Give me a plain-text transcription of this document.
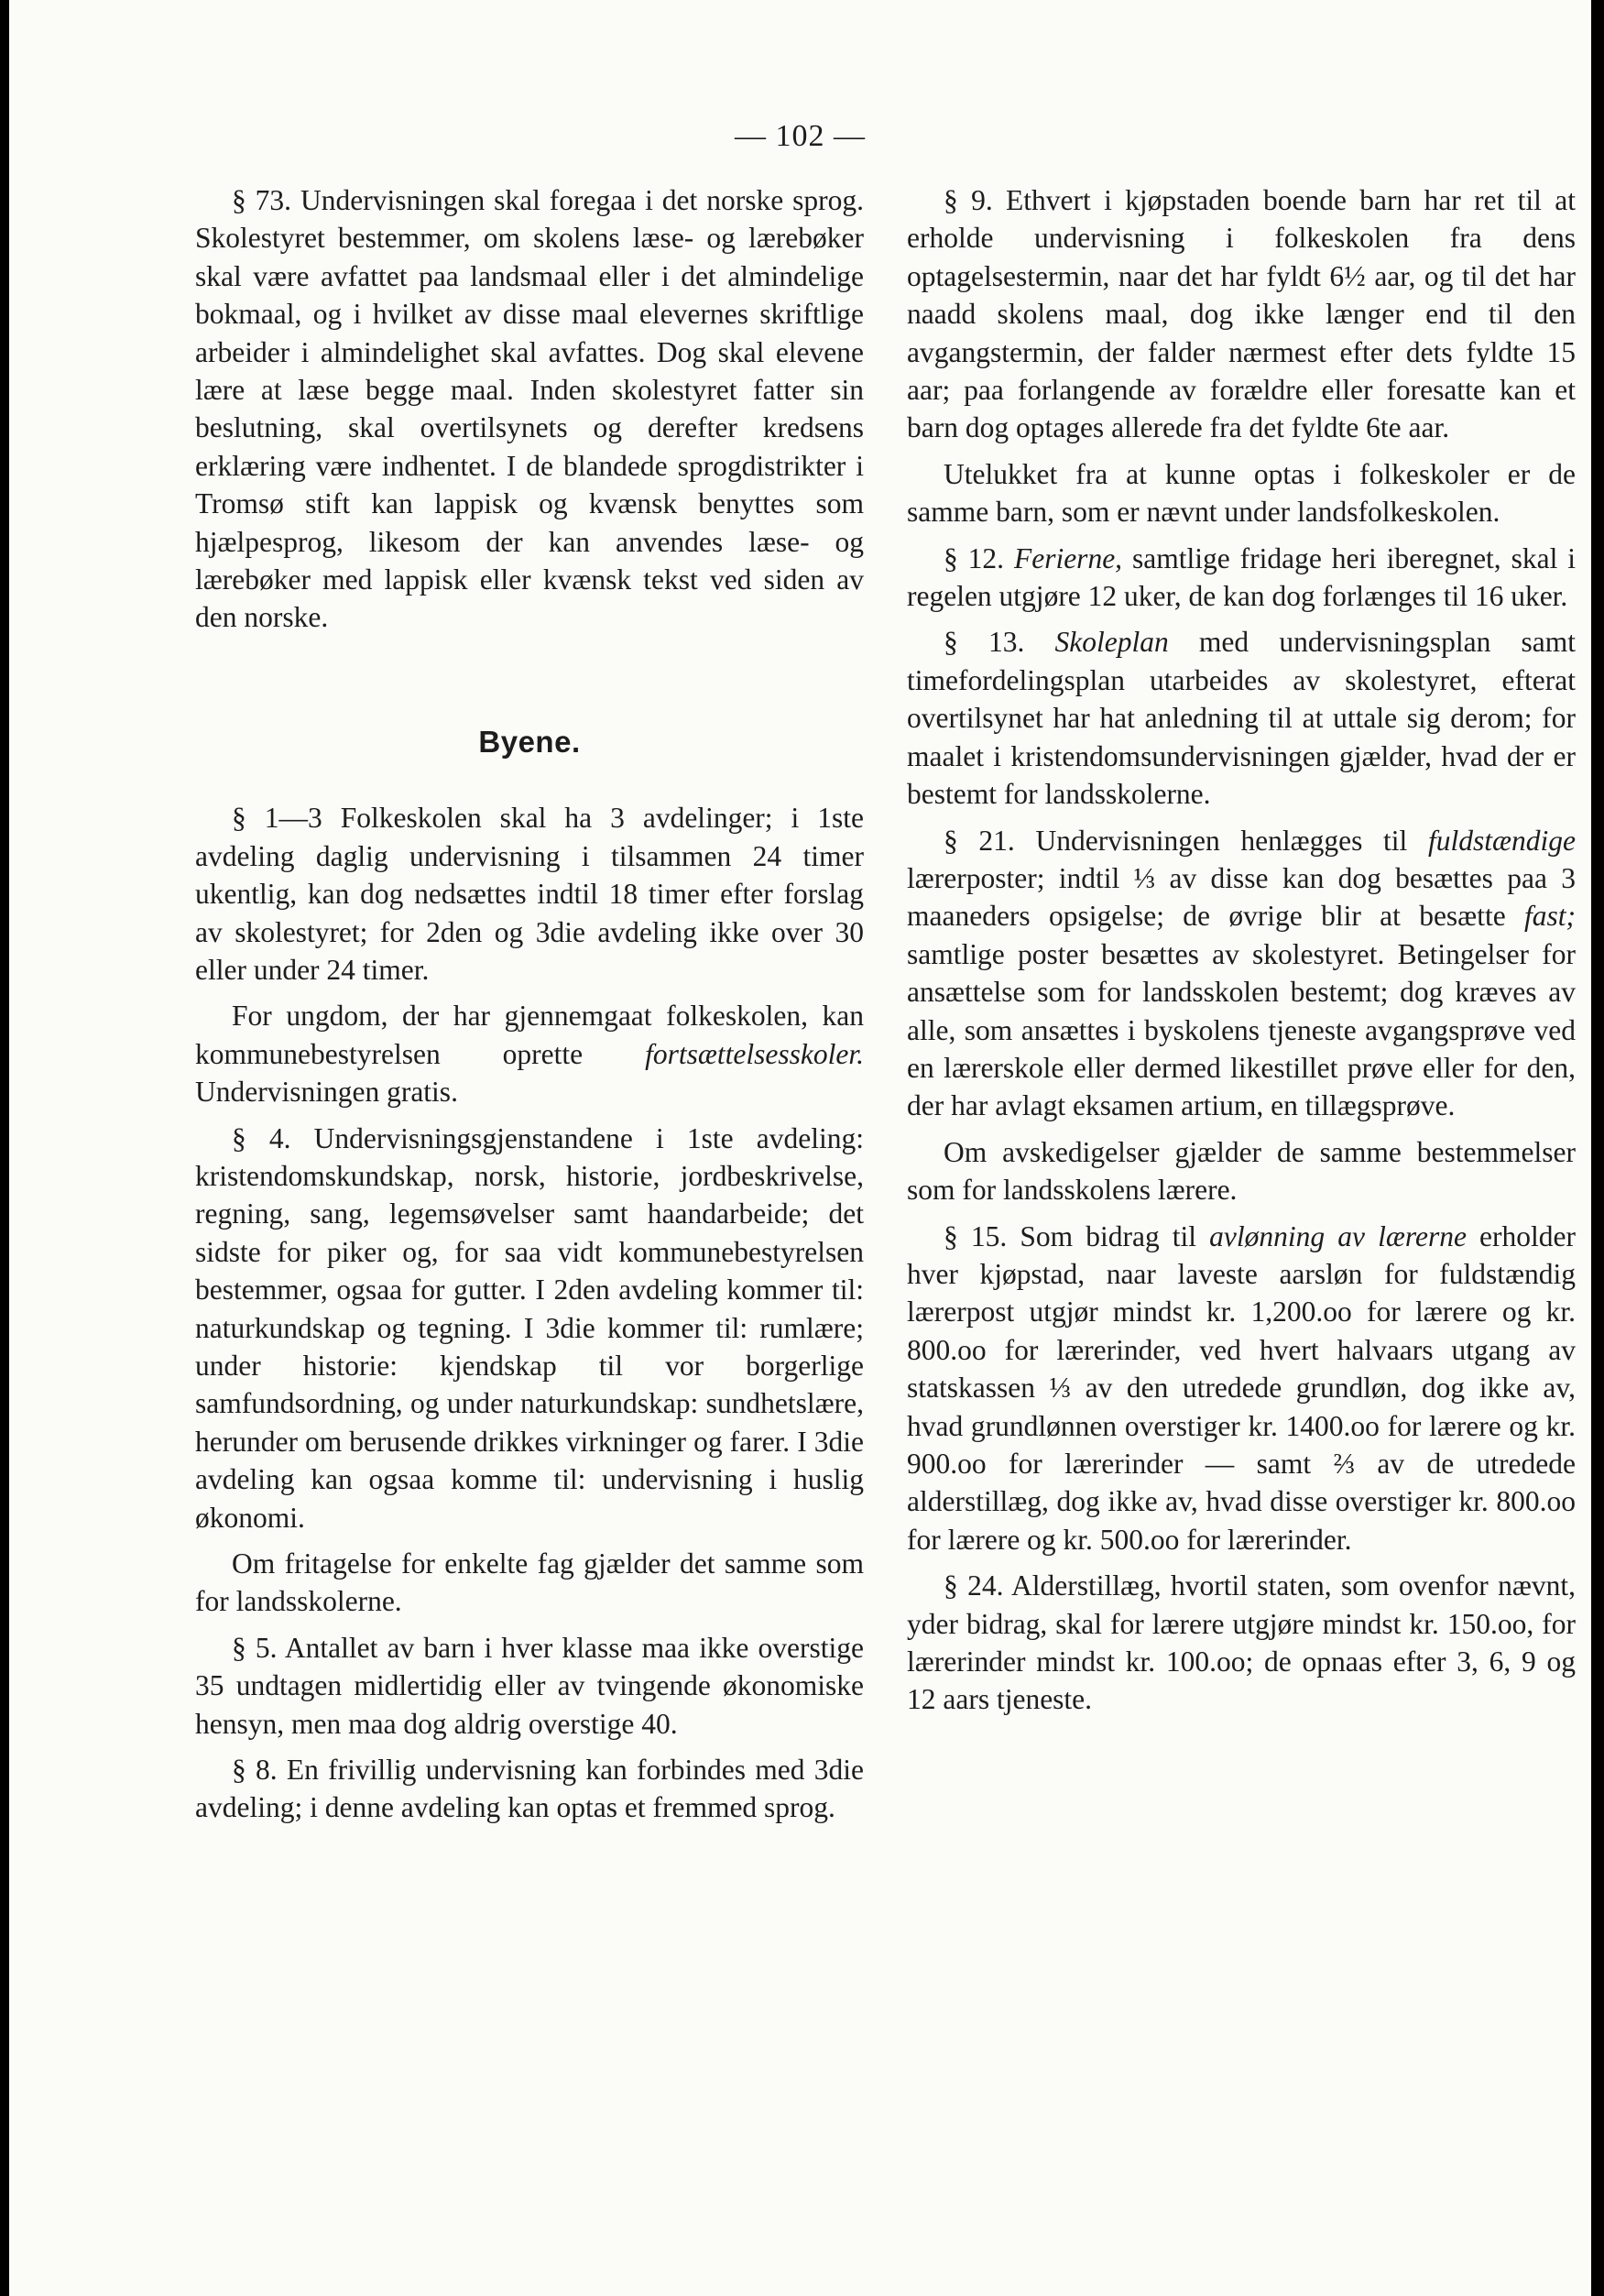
— 102 —

§ 73. Undervisningen skal foregaa i det norske sprog. Skolestyret bestemmer, om skolens læse- og lærebøker skal være avfattet paa landsmaal eller i det almindelige bokmaal, og i hvilket av disse maal elevernes skriftlige arbeider i almindelighet skal avfattes. Dog skal elevene lære at læse begge maal. Inden skolestyret fatter sin beslutning, skal overtilsynets og derefter kredsens erklæring være indhentet. I de blandede sprogdistrikter i Tromsø stift kan lappisk og kvænsk benyttes som hjælpesprog, likesom der kan anvendes læse- og lærebøker med lappisk eller kvænsk tekst ved siden av den norske.

Byene.

§ 1—3 Folkeskolen skal ha 3 avdelinger; i 1ste avdeling daglig undervisning i tilsammen 24 timer ukentlig, kan dog nedsættes indtil 18 timer efter forslag av skolestyret; for 2den og 3die avdeling ikke over 30 eller under 24 timer.

For ungdom, der har gjennemgaat folkeskolen, kan kommunebestyrelsen oprette fortsættelsesskoler. Undervisningen gratis.

§ 4. Undervisningsgjenstandene i 1ste avdeling: kristendomskundskap, norsk, historie, jordbeskrivelse, regning, sang, legemsøvelser samt haandarbeide; det sidste for piker og, for saa vidt kommunebestyrelsen bestemmer, ogsaa for gutter. I 2den avdeling kommer til: naturkundskap og tegning. I 3die kommer til: rumlære; under historie: kjendskap til vor borgerlige samfundsordning, og under naturkundskap: sundhetslære, herunder om berusende drikkes virkninger og farer. I 3die avdeling kan ogsaa komme til: undervisning i huslig økonomi.

Om fritagelse for enkelte fag gjælder det samme som for landsskolerne.

§ 5. Antallet av barn i hver klasse maa ikke overstige 35 undtagen midlertidig eller av tvingende økonomiske hensyn, men maa dog aldrig overstige 40.

§ 8. En frivillig undervisning kan forbindes med 3die avdeling; i denne avdeling kan optas et fremmed sprog.

§ 9. Ethvert i kjøpstaden boende barn har ret til at erholde undervisning i folkeskolen fra dens optagelsestermin, naar det har fyldt 6½ aar, og til det har naadd skolens maal, dog ikke længer end til den avgangstermin, der falder nærmest efter dets fyldte 15 aar; paa forlangende av forældre eller foresatte kan et barn dog optages allerede fra det fyldte 6te aar.

Utelukket fra at kunne optas i folkeskoler er de samme barn, som er nævnt under landsfolkeskolen.

§ 12. Ferierne, samtlige fridage heri iberegnet, skal i regelen utgjøre 12 uker, de kan dog forlænges til 16 uker.

§ 13. Skoleplan med undervisningsplan samt timefordelingsplan utarbeides av skolestyret, efterat overtilsynet har hat anledning til at uttale sig derom; for maalet i kristendomsundervisningen gjælder, hvad der er bestemt for landsskolerne.

§ 21. Undervisningen henlægges til fuldstændige lærerposter; indtil ⅓ av disse kan dog besættes paa 3 maaneders opsigelse; de øvrige blir at besætte fast; samtlige poster besættes av skolestyret. Betingelser for ansættelse som for landsskolen bestemt; dog kræves av alle, som ansættes i byskolens tjeneste avgangsprøve ved en lærerskole eller dermed likestillet prøve eller for den, der har avlagt eksamen artium, en tillægsprøve.

Om avskedigelser gjælder de samme bestemmelser som for landsskolens lærere.

§ 15. Som bidrag til avlønning av lærerne erholder hver kjøpstad, naar laveste aarsløn for fuldstændig lærerpost utgjør mindst kr. 1,200.oo for lærere og kr. 800.oo for lærerinder, ved hvert halvaars utgang av statskassen ⅓ av den utredede grundløn, dog ikke av, hvad grundlønnen overstiger kr. 1400.oo for lærere og kr. 900.oo for lærerinder — samt ⅔ av de utredede alderstillæg, dog ikke av, hvad disse overstiger kr. 800.oo for lærere og kr. 500.oo for lærerinder.

§ 24. Alderstillæg, hvortil staten, som ovenfor nævnt, yder bidrag, skal for lærere utgjøre mindst kr. 150.oo, for lærerinder mindst kr. 100.oo; de opnaas efter 3, 6, 9 og 12 aars tjeneste.
